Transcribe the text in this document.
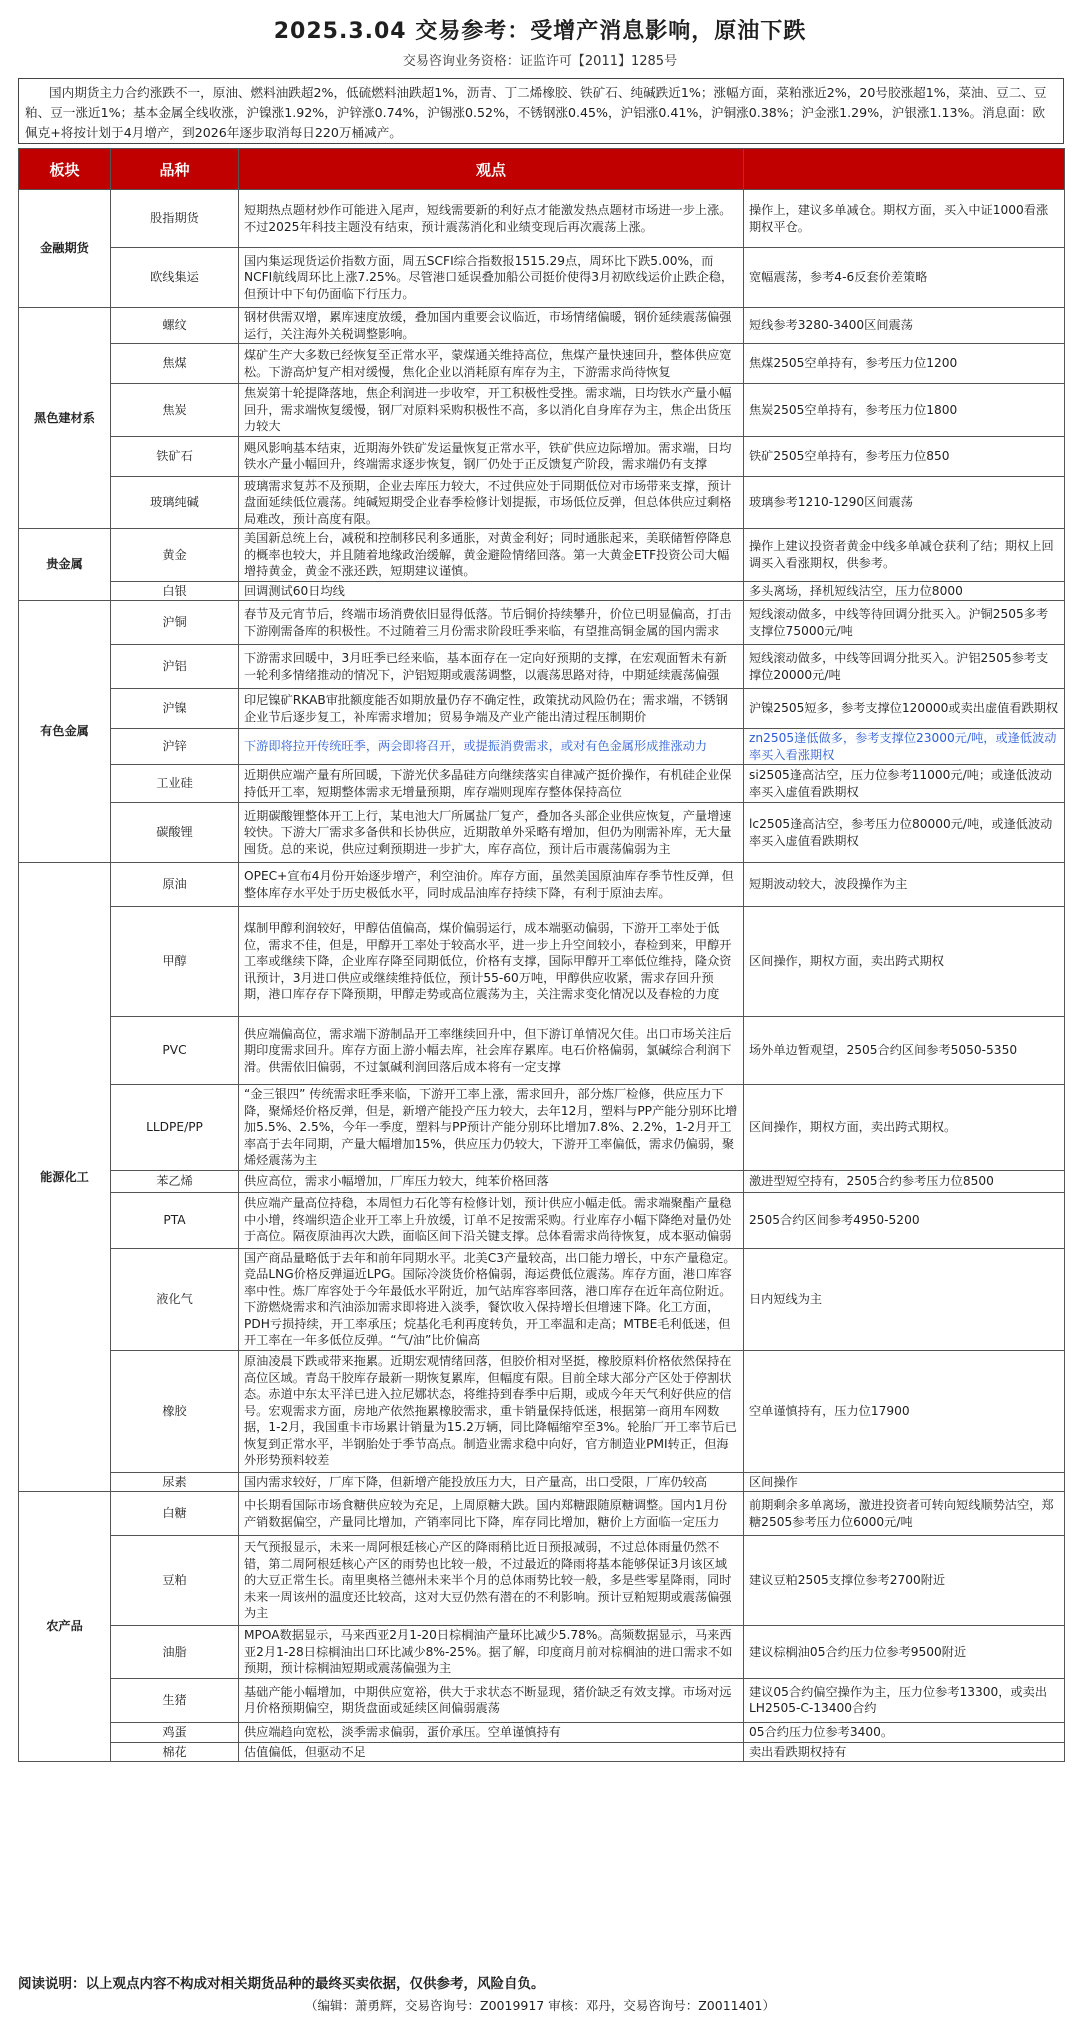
2025.3.04 交易参考：受增产消息影响，原油下跌
交易咨询业务资格：证监许可【2011】1285号
国内期货主力合约涨跌不一，原油、燃料油跌超2%，低硫燃料油跌超1%，沥青、丁二烯橡胶、铁矿石、纯碱跌近1%；涨幅方面，菜粕涨近2%，20号胶涨超1%，菜油、豆二、豆粕、豆一涨近1%；基本金属全线收涨，沪镍涨1.92%，沪锌涨0.74%，沪锡涨0.52%，不锈钢涨0.45%，沪铝涨0.41%，沪铜涨0.38%；沪金涨1.29%，沪银涨1.13%。消息面：欧佩克+将按计划于4月增产，到2026年逐步取消每日220万桶减产。
板块	品种	观点	
金融期货	股指期货	短期热点题材炒作可能进入尾声，短线需要新的利好点才能激发热点题材市场进一步上涨。不过2025年科技主题没有结束，预计震荡消化和业绩变现后再次震荡上涨。	操作上，建议多单减仓。期权方面，买入中证1000看涨期权平仓。
	欧线集运	国内集运现货运价指数方面，周五SCFI综合指数报1515.29点，周环比下跌5.00%，而NCFI航线周环比上涨7.25%。尽管港口延误叠加船公司挺价使得3月初欧线运价止跌企稳，但预计中下旬仍面临下行压力。	宽幅震荡，参考4-6反套价差策略
黑色建材系	螺纹	钢材供需双增，累库速度放缓，叠加国内重要会议临近，市场情绪偏暖，钢价延续震荡偏强运行，关注海外关税调整影响。	短线参考3280-3400区间震荡
	焦煤	煤矿生产大多数已经恢复至正常水平，蒙煤通关维持高位，焦煤产量快速回升，整体供应宽松。下游高炉复产相对缓慢，焦化企业以消耗原有库存为主，下游需求尚待恢复	焦煤2505空单持有，参考压力位1200
	焦炭	焦炭第十轮提降落地，焦企利润进一步收窄，开工积极性受挫。需求端，日均铁水产量小幅回升，需求端恢复缓慢，钢厂对原料采购积极性不高，多以消化自身库存为主，焦企出货压力较大	焦炭2505空单持有，参考压力位1800
	铁矿石	飓风影响基本结束，近期海外铁矿发运量恢复正常水平，铁矿供应边际增加。需求端，日均铁水产量小幅回升，终端需求逐步恢复，钢厂仍处于正反馈复产阶段，需求端仍有支撑	铁矿2505空单持有，参考压力位850
	玻璃纯碱	玻璃需求复苏不及预期，企业去库压力较大，不过供应处于同期低位对市场带来支撑，预计盘面延续低位震荡。纯碱短期受企业春季检修计划提振，市场低位反弹，但总体供应过剩格局难改，预计高度有限。	玻璃参考1210-1290区间震荡
贵金属	黄金	美国新总统上台，减税和控制移民利多通胀，对黄金利好；同时通胀起来，美联储暂停降息的概率也较大，并且随着地缘政治缓解，黄金避险情绪回落。第一大黄金ETF投资公司大幅增持黄金，黄金不涨还跌，短期建议谨慎。	操作上建议投资者黄金中线多单减仓获利了结；期权上回调买入看涨期权，供参考。
	白银	回调测试60日均线	多头离场，择机短线沽空，压力位8000
有色金属	沪铜	春节及元宵节后，终端市场消费依旧显得低落。节后铜价持续攀升，价位已明显偏高，打击下游刚需备库的积极性。不过随着三月份需求阶段旺季来临，有望推高铜金属的国内需求	短线滚动做多，中线等待回调分批买入。沪铜2505多考支撑位75000元/吨
	沪铝	下游需求回暖中，3月旺季已经来临，基本面存在一定向好预期的支撑，在宏观面暂未有新一轮利多情绪推动的情况下，沪铝短期或震荡调整，以震荡思路对待，中期延续震荡偏强	短线滚动做多，中线等回调分批买入。沪铝2505参考支撑位20000元/吨
	沪镍	印尼镍矿RKAB审批额度能否如期放量仍存不确定性，政策扰动风险仍在；需求端，不锈钢企业节后逐步复工，补库需求增加；贸易争端及产业产能出清过程压制期价	沪镍2505短多，参考支撑位120000或卖出虚值看跌期权
	沪锌	下游即将拉开传统旺季，两会即将召开，或提振消费需求，或对有色金属形成推涨动力	zn2505逢低做多，参考支撑位23000元/吨，或逢低波动率买入看涨期权
	工业硅	近期供应端产量有所回暖，下游光伏多晶硅方向继续落实自律减产挺价操作，有机硅企业保持低开工率，短期整体需求无增量预期，库存端则现库存整体保持高位	si2505逢高沽空，压力位参考11000元/吨；或逢低波动率买入虚值看跌期权
	碳酸锂	近期碳酸锂整体开工上行，某电池大厂所属盐厂复产，叠加各头部企业供应恢复，产量增速较快。下游大厂需求多备供和长协供应，近期散单外采略有增加，但仍为刚需补库，无大量囤货。总的来说，供应过剩预期进一步扩大，库存高位，预计后市震荡偏弱为主	lc2505逢高沽空，参考压力位80000元/吨，或逢低波动率买入虚值看跌期权
能源化工	原油	OPEC+宣布4月份开始逐步增产，利空油价。库存方面，虽然美国原油库存季节性反弹，但整体库存水平处于历史极低水平，同时成品油库存持续下降，有利于原油去库。	短期波动较大，波段操作为主
	甲醇	煤制甲醇利润较好，甲醇估值偏高，煤价偏弱运行，成本端驱动偏弱，下游开工率处于低位，需求不佳，但是，甲醇开工率处于较高水平，进一步上升空间较小，春检到来，甲醇开工率或继续下降，企业库存降至同期低位，价格有支撑，国际甲醇开工率低位维持，隆众资讯预计，3月进口供应或继续维持低位，预计55-60万吨，甲醇供应收紧，需求存回升预期，港口库存存下降预期，甲醇走势或高位震荡为主，关注需求变化情况以及春检的力度	区间操作，期权方面，卖出跨式期权
	PVC	供应端偏高位，需求端下游制品开工率继续回升中，但下游订单情况欠佳。出口市场关注后期印度需求回升。库存方面上游小幅去库，社会库存累库。电石价格偏弱，氯碱综合利润下滑。供需依旧偏弱，不过氯碱利润回落后成本将有一定支撑	场外单边暂观望，2505合约区间参考5050-5350
	LLDPE/PP	“金三银四” 传统需求旺季来临，下游开工率上涨，需求回升，部分炼厂检修，供应压力下降，聚烯烃价格反弹，但是，新增产能投产压力较大，去年12月，塑料与PP产能分别环比增加5.5%、2.5%，今年一季度，塑料与PP预计产能分别环比增加7.8%、2.2%，1-2月开工率高于去年同期，产量大幅增加15%，供应压力仍较大，下游开工率偏低，需求仍偏弱，聚烯烃震荡为主	区间操作，期权方面，卖出跨式期权。
	苯乙烯	供应高位，需求小幅增加，厂库压力较大，纯苯价格回落	激进型短空持有，2505合约参考压力位8500
	PTA	供应端产量高位持稳，本周恒力石化等有检修计划，预计供应小幅走低。需求端聚酯产量稳中小增，终端织造企业开工率上升放缓，订单不足按需采购。行业库存小幅下降绝对量仍处于高位。隔夜原油再次大跌，面临区间下沿关键支撑。总体看需求尚待恢复，成本驱动偏弱	2505合约区间参考4950-5200
	液化气	国产商品量略低于去年和前年同期水平。北美C3产量较高，出口能力增长，中东产量稳定。竞品LNG价格反弹逼近LPG。国际冷淡货价格偏弱，海运费低位震荡。库存方面，港口库容率中性。炼厂库容处于今年最低水平附近，加气站库容率回落，港口库存在近年高位附近。下游燃烧需求和汽油添加需求即将进入淡季，餐饮收入保持增长但增速下降。化工方面，PDH亏损持续，开工率承压；烷基化毛利再度转负，开工率温和走高；MTBE毛利低迷，但开工率在一年多低位反弹。“气/油”比价偏高	日内短线为主
	橡胶	原油凌晨下跌或带来拖累。近期宏观情绪回落，但胶价相对坚挺，橡胶原料价格依然保持在高位区域。青岛干胶库存最新一期恢复累库，但幅度有限。目前全球大部分产区处于停割状态。赤道中东太平洋已进入拉尼娜状态，将维持到春季中后期，或成今年天气利好供应的信号。宏观需求方面，房地产依然拖累橡胶需求，重卡销量保持低迷，根据第一商用车网数据，1-2月，我国重卡市场累计销量为15.2万辆，同比降幅缩窄至3%。轮胎厂开工率节后已恢复到正常水平，半钢胎处于季节高点。制造业需求稳中向好，官方制造业PMI转正，但海外形势预料较差	空单谨慎持有，压力位17900
	尿素	国内需求较好，厂库下降，但新增产能投放压力大，日产量高，出口受限，厂库仍较高	区间操作
农产品	白糖	中长期看国际市场食糖供应较为充足，上周原糖大跌。国内郑糖跟随原糖调整。国内1月份产销数据偏空，产量同比增加，产销率同比下降，库存同比增加，糖价上方面临一定压力	前期剩余多单离场，激进投资者可转向短线顺势沽空，郑糖2505参考压力位6000元/吨
	豆粕	天气预报显示，未来一周阿根廷核心产区的降雨稍比近日预报减弱，不过总体雨量仍然不错，第二周阿根廷核心产区的雨势也比较一般，不过最近的降雨将基本能够保证3月该区域的大豆正常生长。南里奥格兰德州未来半个月的总体雨势比较一般，多是些零星降雨，同时未来一周该州的温度还比较高，这对大豆仍然有潜在的不利影响。预计豆粕短期或震荡偏强为主	建议豆粕2505支撑位参考2700附近
	油脂	MPOA数据显示，马来西亚2月1-20日棕榈油产量环比减少5.78%。高频数据显示，马来西亚2月1-28日棕榈油出口环比减少8%-25%。据了解，印度商月前对棕榈油的进口需求不如预期，预计棕榈油短期或震荡偏强为主	建议棕榈油05合约压力位参考9500附近
	生猪	基础产能小幅增加，中期供应宽裕，供大于求状态不断显现，猪价缺乏有效支撑。市场对远月价格预期偏空，期货盘面或延续区间偏弱震荡	建议05合约偏空操作为主，压力位参考13300，或卖出LH2505-C-13400合约
	鸡蛋	供应端趋向宽松，淡季需求偏弱，蛋价承压。空单谨慎持有	05合约压力位参考3400。
	棉花	估值偏低，但驱动不足	卖出看跌期权持有
阅读说明：以上观点内容不构成对相关期货品种的最终买卖依据，仅供参考，风险自负。
（编辑：萧勇辉，交易咨询号：Z0019917 审核：邓丹，交易咨询号：Z0011401）
